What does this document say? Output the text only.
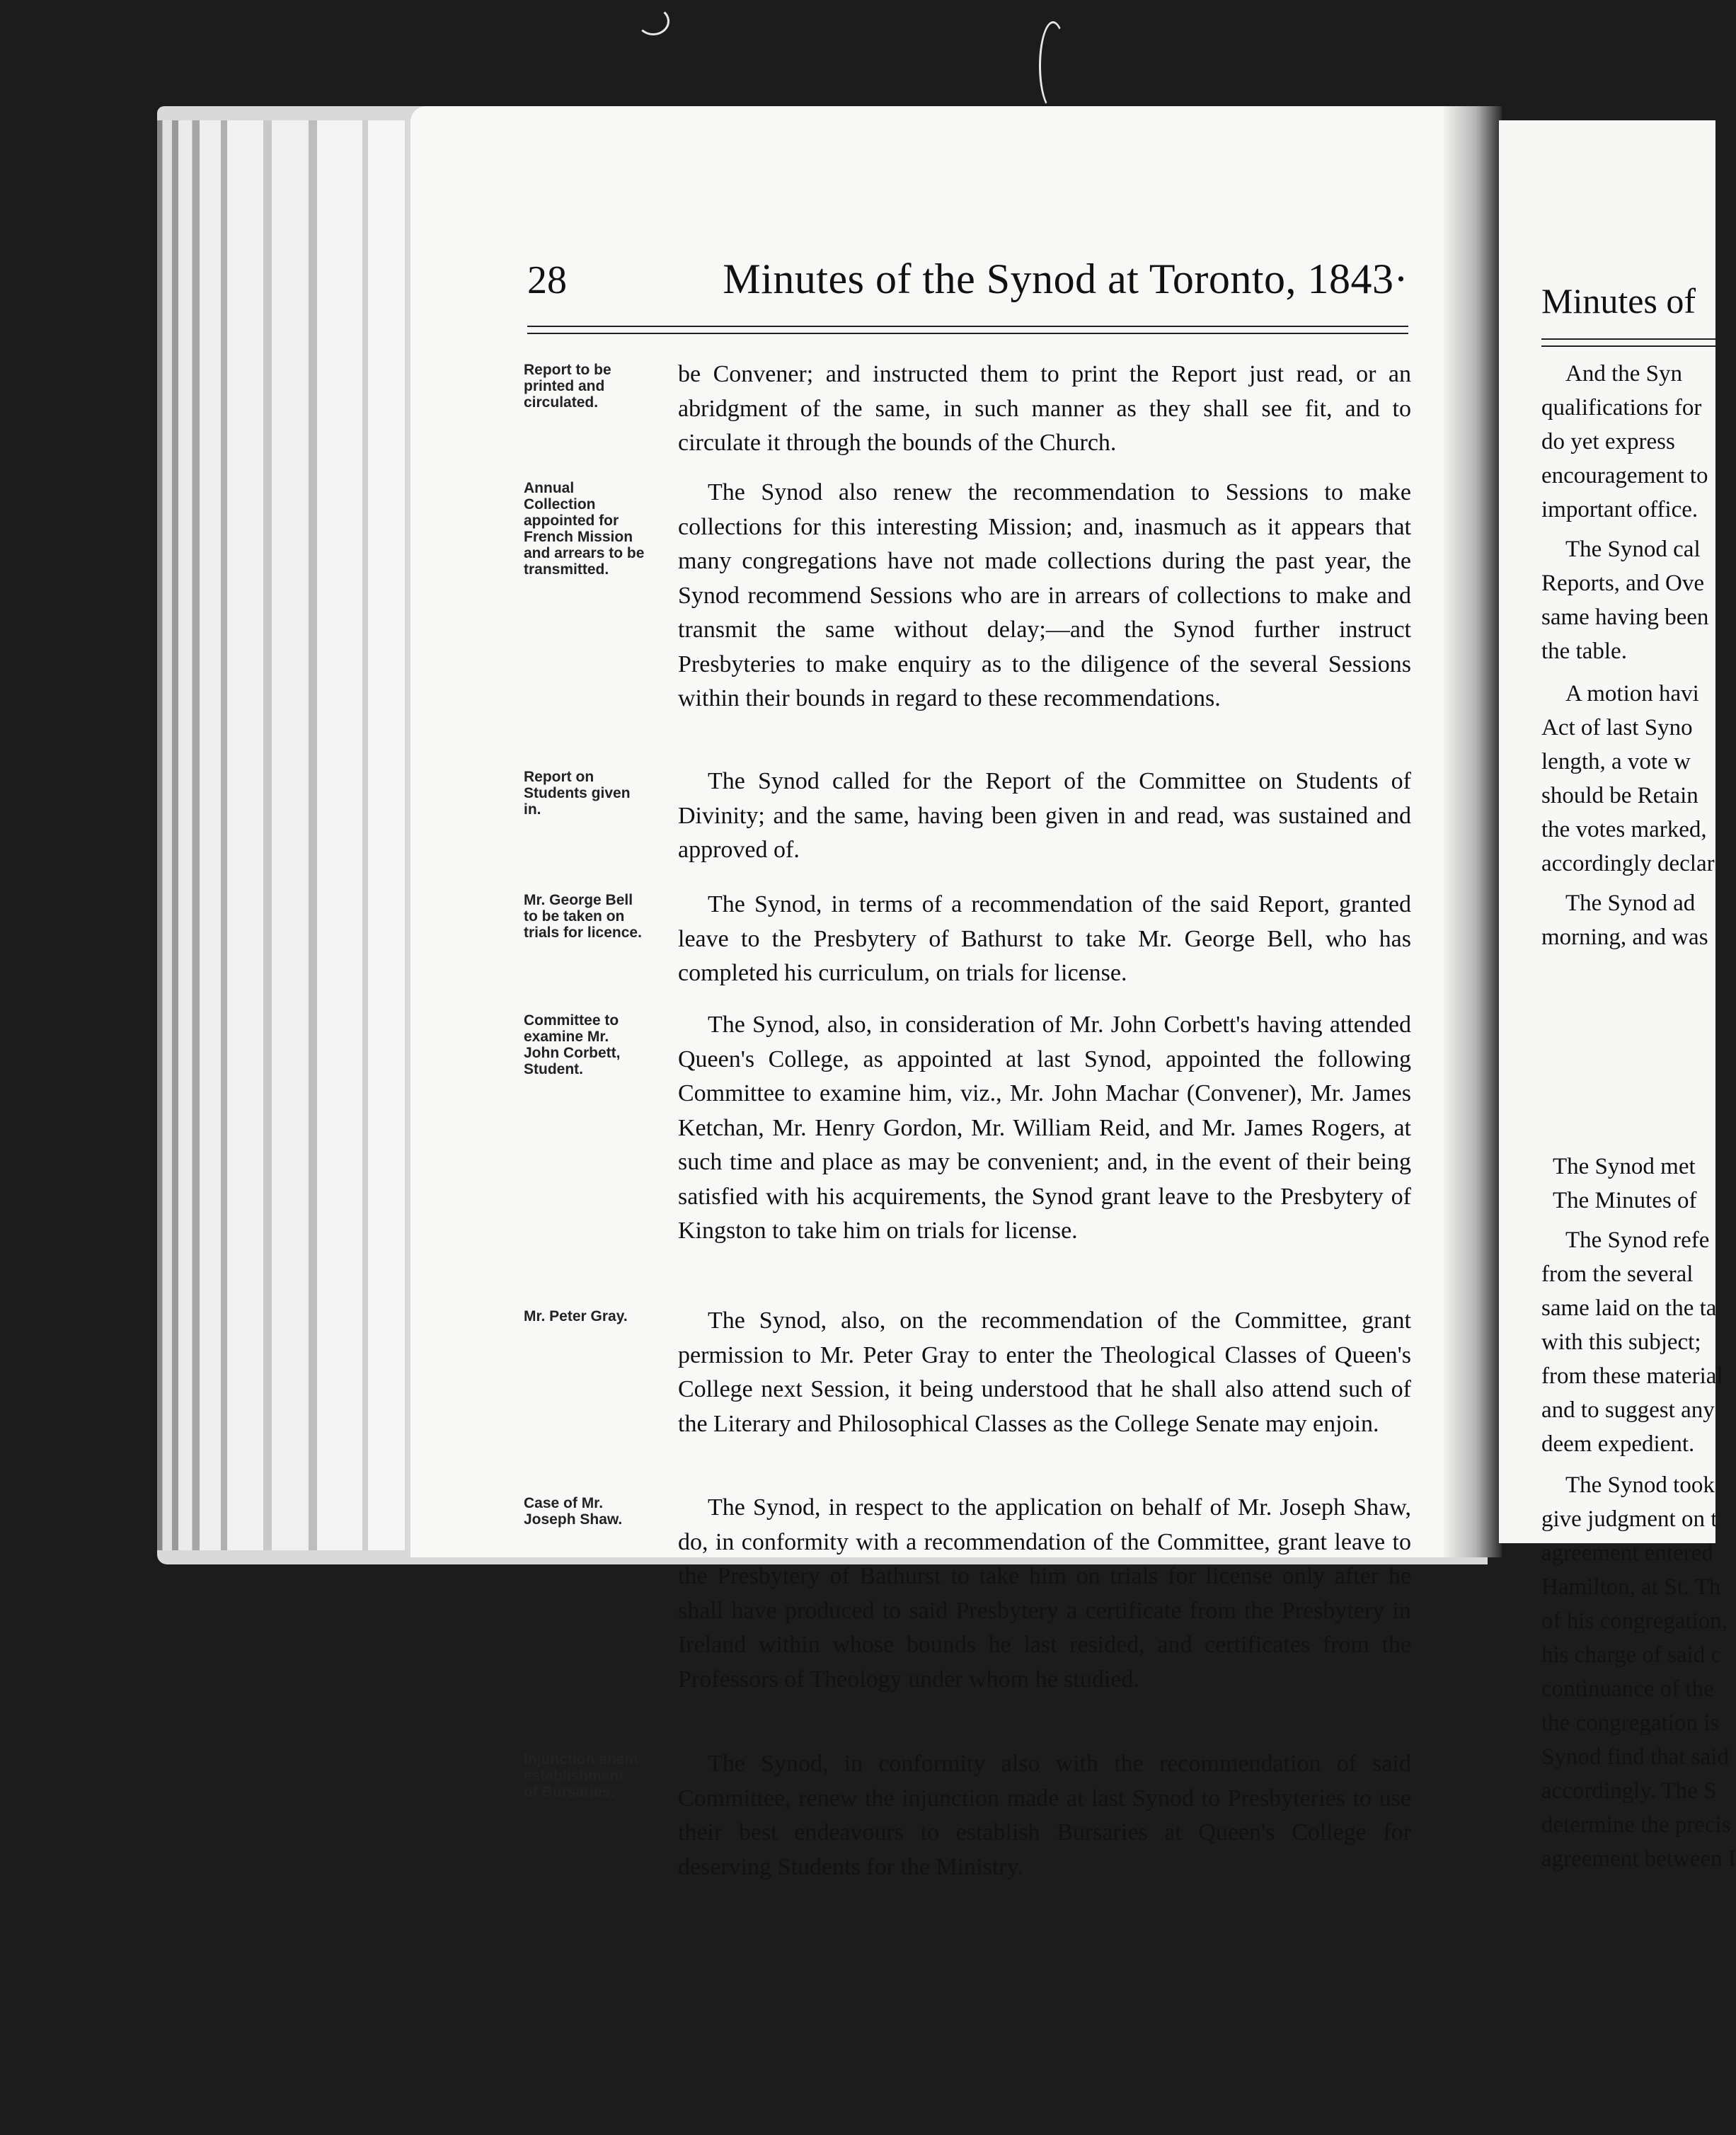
28	Minutes of the Synod at Toronto, 1843·
Report to be
printed and
circulated.
be Convener; and instructed them to print the Report just read, or an abridgment of the same, in such manner as they shall see fit, and to circulate it through the bounds of the Church.
Annual
Collection
appointed for
French Mission
and arrears to be
transmitted.
The Synod also renew the recommendation to Sessions to make collections for this interesting Mission; and, inasmuch as it appears that many congregations have not made collections during the past year, the Synod recommend Sessions who are in arrears of collections to make and transmit the same without delay;—and the Synod further instruct Presbyteries to make enquiry as to the diligence of the several Sessions within their bounds in regard to these recommendations.
Report on
Students given
in.
The Synod called for the Report of the Committee on Students of Divinity; and the same, having been given in and read, was sustained and approved of.
Mr. George Bell
to be taken on
trials for licence.
The Synod, in terms of a recommendation of the said Report, granted leave to the Presbytery of Bathurst to take Mr. George Bell, who has completed his curriculum, on trials for license.
Committee to
examine Mr.
John Corbett,
Student.
The Synod, also, in consideration of Mr. John Corbett's having attended Queen's College, as appointed at last Synod, appointed the following Committee to examine him, viz., Mr. John Machar (Convener), Mr. James Ketchan, Mr. Henry Gordon, Mr. William Reid, and Mr. James Rogers, at such time and place as may be convenient; and, in the event of their being satisfied with his acquirements, the Synod grant leave to the Presbytery of Kingston to take him on trials for license.
Mr. Peter Gray.	The Synod, also, on the recommendation of the Committee, grant permission to Mr. Peter Gray to enter the Theological Classes of Queen's College next Session, it being understood that he shall also attend such of the Literary and Philosophical Classes as the College Senate may enjoin.
Case of Mr.
Joseph Shaw.	The Synod, in respect to the application on behalf of Mr. Joseph Shaw, do, in conformity with a recommendation of the Committee, grant leave to the Presbytery of Bathurst to take him on trials for license only after he shall have produced to said Presbytery a certificate from the Presbytery in Ireland within whose bounds he last resided, and certificates from the Professors of Theology under whom he studied.
Injunction anent
establishment
of Bursaries.
The Synod, in conformity also with the recommendation of said Committee, renew the injunction made at last Synod to Presbyteries to use their best endeavours to establish Bursaries at Queen's College for deserving Students for the Ministry.
Minutes of
And the Syn
qualifications for
do yet express
encouragement to
important office.
The Synod cal
Reports, and Ove
same having been
the table.
A motion havi
Act of last Syno
length, a vote w
should be Retain
the votes marked,
accordingly declar
The Synod ad
morning, and was
The Synod met
The Minutes of
The Synod refe
from the several
same laid on the ta
with this subject;
from these material
and to suggest any
deem expedient.
The Synod took
give judgment on t
agreement entered
Hamilton, at St. Th
of his congregation,
his charge of said c
continuance of the
the congregation is
Synod find that said
accordingly. The S
determine the precis
agreement between I
